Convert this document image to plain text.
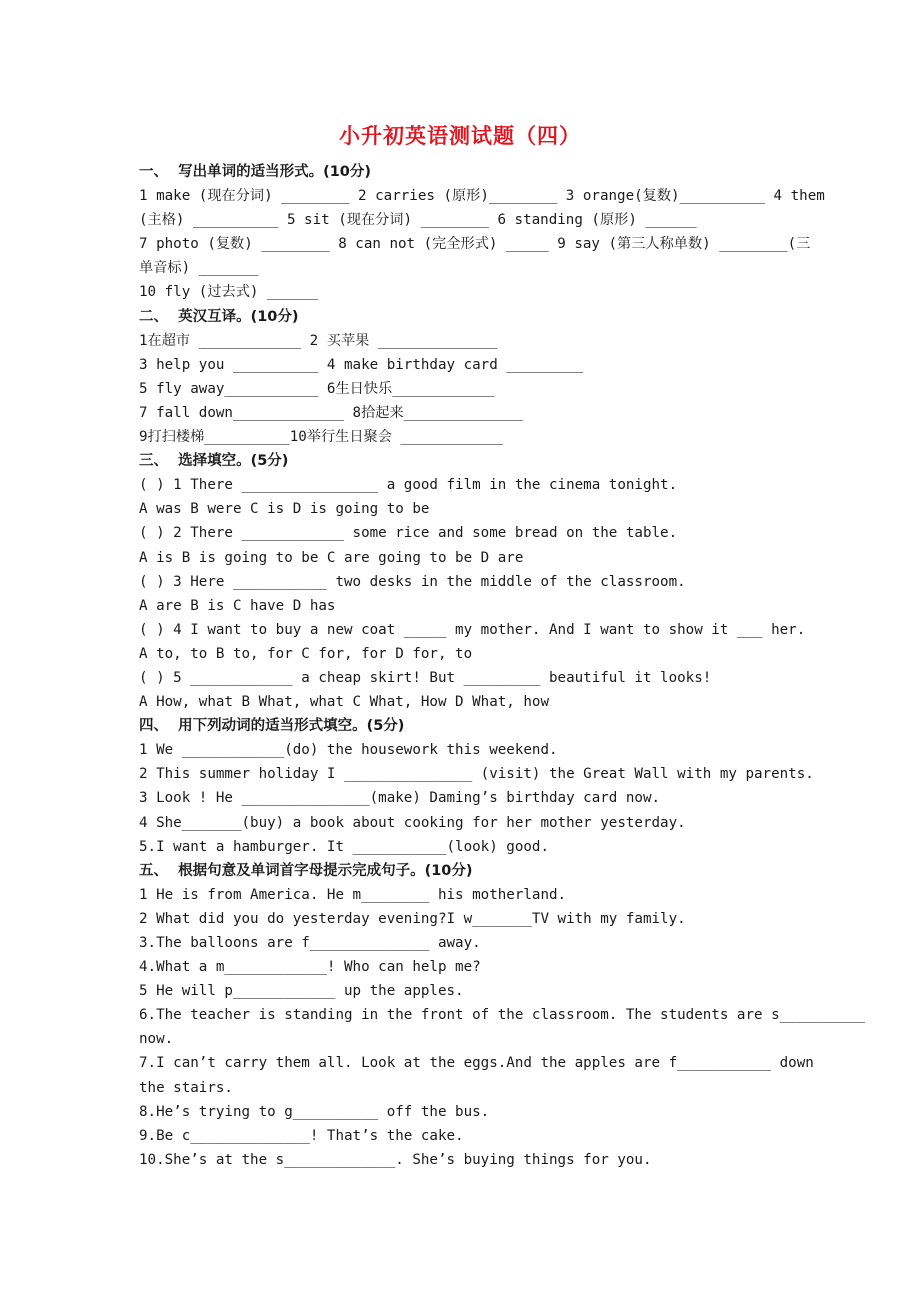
小升初英语测试题（四）
一、  写出单词的适当形式。(10分)
1 make (现在分词) ________ 2 carries (原形)________ 3 orange(复数)__________ 4 them
(主格) __________ 5 sit (现在分词) ________ 6 standing (原形) ______
7 photo (复数) ________ 8 can not (完全形式) _____ 9 say (第三人称单数) ________(三
单音标) _______
10 fly (过去式) ______
二、  英汉互译。(10分)
1在超市 ____________ 2 买苹果 ______________
3 help you __________ 4 make birthday card _________
5 fly away___________ 6生日快乐____________
7 fall down_____________ 8拾起来______________
9打扫楼梯__________10举行生日聚会 ____________
三、  选择填空。(5分)
( ) 1 There ________________ a good film in the cinema tonight.
A was B were C is D is going to be
( ) 2 There ____________ some rice and some bread on the table.
A is B is going to be C are going to be D are
( ) 3 Here ___________ two desks in the middle of the classroom.
A are B is C have D has
( ) 4 I want to buy a new coat _____ my mother. And I want to show it ___ her.
A to, to B to, for C for, for D for, to
( ) 5 ____________ a cheap skirt! But _________ beautiful it looks!
A How, what B What, what C What, How D What, how
四、  用下列动词的适当形式填空。(5分)
1 We ____________(do) the housework this weekend.
2 This summer holiday I _______________ (visit) the Great Wall with my parents.
3 Look ! He _______________(make) Daming’s birthday card now.
4 She_______(buy) a book about cooking for her mother yesterday.
5.I want a hamburger. It ___________(look) good.
五、  根据句意及单词首字母提示完成句子。(10分)
1 He is from America. He m________ his motherland.
2 What did you do yesterday evening?I w_______TV with my family.
3.The balloons are f______________ away.
4.What a m____________! Who can help me?
5 He will p____________ up the apples.
6.The teacher is standing in the front of the classroom. The students are s__________
now.
7.I can’t carry them all. Look at the eggs.And the apples are f___________ down
the stairs.
8.He’s trying to g__________ off the bus.
9.Be c______________! That’s the cake.
10.She’s at the s_____________. She’s buying things for you.
